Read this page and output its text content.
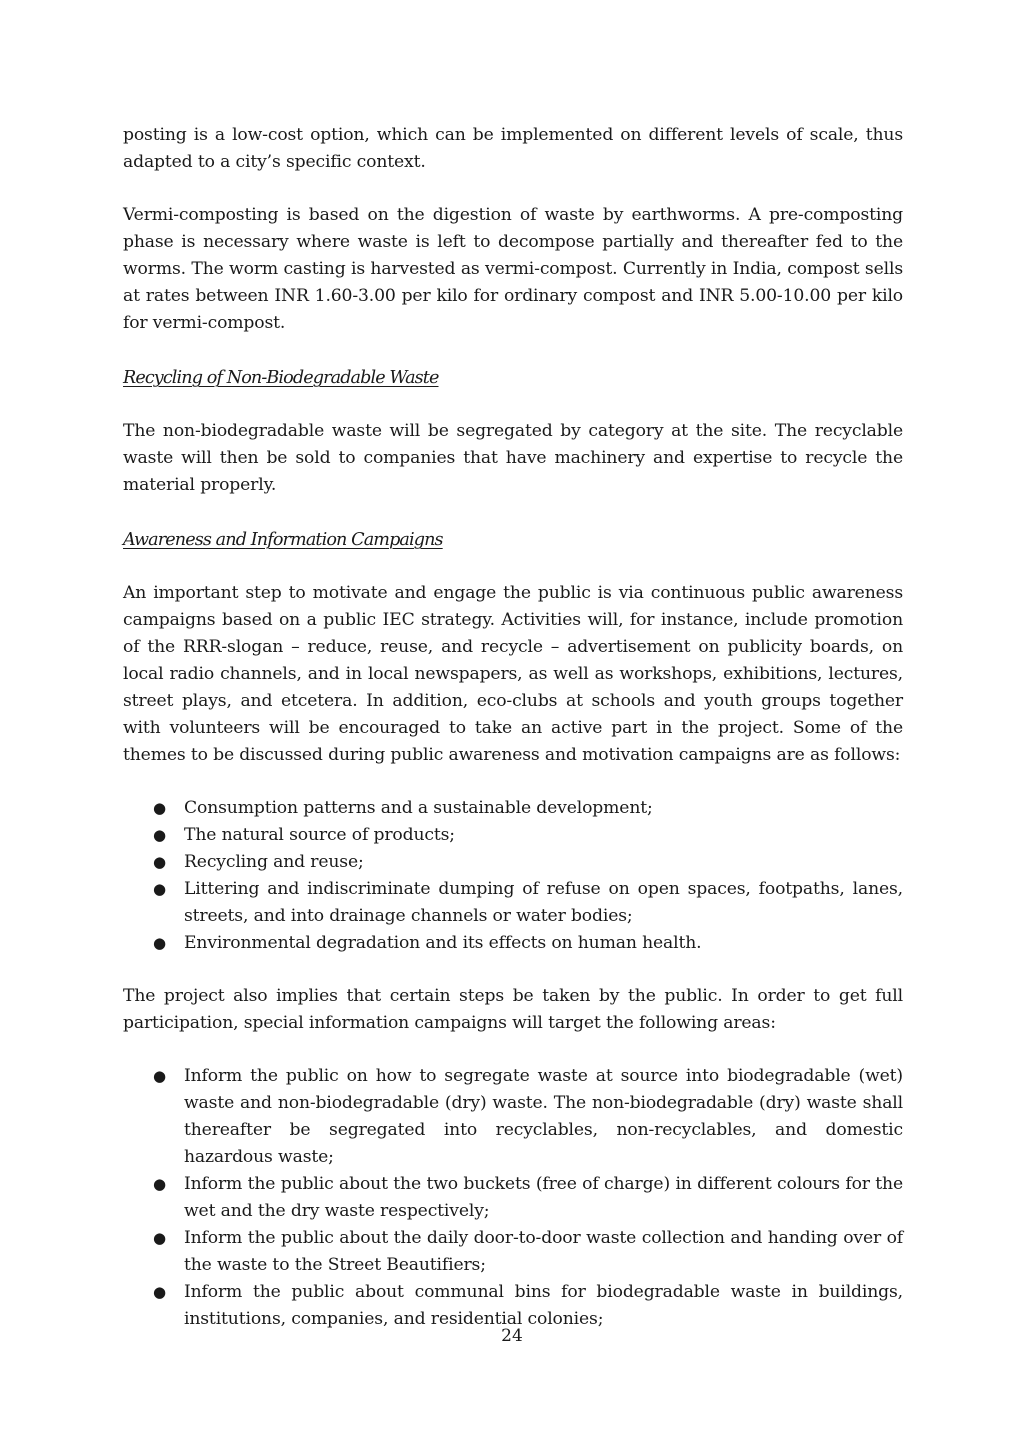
posting is a low-cost option, which can be implemented on different levels of scale, thus adapted to a city’s specific context.

Vermi-composting is based on the digestion of waste by earthworms. A pre-composting phase is necessary where waste is left to decompose partially and thereafter fed to the worms. The worm casting is harvested as vermi-compost. Currently in India, compost sells at rates between INR 1.60-3.00 per kilo for ordinary compost and INR 5.00-10.00 per kilo for vermi-compost.

Recycling of Non-Biodegradable Waste

The non-biodegradable waste will be segregated by category at the site. The recyclable waste will then be sold to companies that have machinery and expertise to recycle the material properly.

Awareness and Information Campaigns

An important step to motivate and engage the public is via continuous public awareness campaigns based on a public IEC strategy. Activities will, for instance, include promotion of the RRR-slogan – reduce, reuse, and recycle – advertisement on publicity boards, on local radio channels, and in local newspapers, as well as workshops, exhibitions, lectures, street plays, and etcetera. In addition, eco-clubs at schools and youth groups together with volunteers will be encouraged to take an active part in the project. Some of the themes to be discussed during public awareness and motivation campaigns are as follows:

● Consumption patterns and a sustainable development;
● The natural source of products;
● Recycling and reuse;
● Littering and indiscriminate dumping of refuse on open spaces, footpaths, lanes, streets, and into drainage channels or water bodies;
● Environmental degradation and its effects on human health.

The project also implies that certain steps be taken by the public. In order to get full participation, special information campaigns will target the following areas:

● Inform the public on how to segregate waste at source into biodegradable (wet) waste and non-biodegradable (dry) waste. The non-biodegradable (dry) waste shall thereafter be segregated into recyclables, non-recyclables, and domestic hazardous waste;
● Inform the public about the two buckets (free of charge) in different colours for the wet and the dry waste respectively;
● Inform the public about the daily door-to-door waste collection and handing over of the waste to the Street Beautifiers;
● Inform the public about communal bins for biodegradable waste in buildings, institutions, companies, and residential colonies;
24
